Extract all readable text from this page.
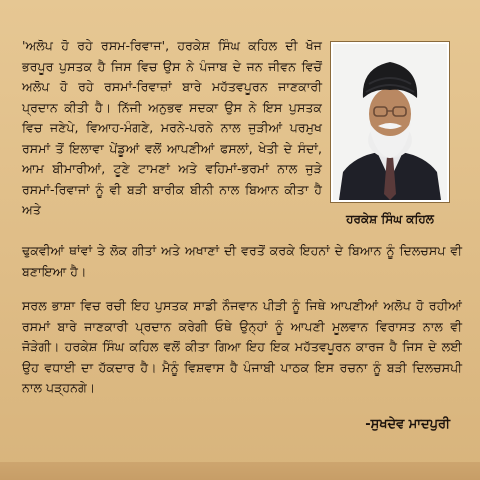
'ਅਲੋਪ ਹੋ ਰਹੇ ਰਸਮ-ਰਿਵਾਜ', ਹਰਕੇਸ਼ ਸਿੰਘ ਕਹਿਲ ਦੀ ਖੋਜ ਭਰਪੂਰ ਪੁਸਤਕ ਹੈ ਜਿਸ ਵਿਚ ਉਸ ਨੇ ਪੰਜਾਬ ਦੇ ਜਨ ਜੀਵਨ ਵਿਚੋਂ ਅਲੋਪ ਹੋ ਰਹੇ ਰਸਮਾਂ-ਰਿਵਾਜ਼ਾਂ ਬਾਰੇ ਮਹੱਤਵਪੂਰਨ ਜਾਣਕਾਰੀ ਪ੍ਰਦਾਨ ਕੀਤੀ ਹੈ। ਨਿੱਜੀ ਅਨੁਭਵ ਸਦਕਾ ਉਸ ਨੇ ਇਸ ਪੁਸਤਕ ਵਿਚ ਜਣੇਪੇ, ਵਿਆਹ-ਮੰਗਣੇ, ਮਰਨੇ-ਪਰਨੇ ਨਾਲ ਜੁੜੀਆਂ ਪਰਮੁਖ ਰਸਮਾਂ ਤੋਂ ਇਲਾਵਾ ਪੇਂਡੂਆਂ ਵਲੋਂ ਆਪਣੀਆਂ ਫਸਲਾਂ, ਖੇਤੀ ਦੇ ਸੰਦਾਂ, ਆਮ ਬੀਮਾਰੀਆਂ, ਟੂਣੇ ਟਾਮਣਾਂ ਅਤੇ ਵਹਿਮਾਂ-ਭਰਮਾਂ ਨਾਲ ਜੁੜੇ ਰਸਮਾਂ-ਰਿਵਾਜਾਂ ਨੂੰ ਵੀ ਬੜੀ ਬਾਰੀਕ ਬੀਨੀ ਨਾਲ ਬਿਆਨ ਕੀਤਾ ਹੈ ਅਤੇ

ਢੁਕਵੀਆਂ ਥਾਂਵਾਂ ਤੇ ਲੋਕ ਗੀਤਾਂ ਅਤੇ ਅਖਾਣਾਂ ਦੀ ਵਰਤੋਂ ਕਰਕੇ ਇਹਨਾਂ ਦੇ ਬਿਆਨ ਨੂੰ ਦਿਲਚਸਪ ਵੀ ਬਣਾਇਆ ਹੈ।

ਸਰਲ ਭਾਸ਼ਾ ਵਿਚ ਰਚੀ ਇਹ ਪੁਸਤਕ ਸਾਡੀ ਨੌਜਵਾਨ ਪੀੜੀ ਨੂੰ ਜਿਥੇ ਆਪਣੀਆਂ ਅਲੋਪ ਹੋ ਰਹੀਆਂ ਰਸਮਾਂ ਬਾਰੇ ਜਾਣਕਾਰੀ ਪ੍ਰਦਾਨ ਕਰੇਗੀ ਓਥੇ ਉਨ੍ਹਾਂ ਨੂੰ ਆਪਣੀ ਮੂਲਵਾਨ ਵਿਰਾਸਤ ਨਾਲ ਵੀ ਜੋੜੇਗੀ। ਹਰਕੇਸ਼ ਸਿੰਘ ਕਹਿਲ ਵਲੋਂ ਕੀਤਾ ਗਿਆ ਇਹ ਇਕ ਮਹੱਤਵਪੂਰਨ ਕਾਰਜ ਹੈ ਜਿਸ ਦੇ ਲਈ ਉਹ ਵਧਾਈ ਦਾ ਹੱਕਦਾਰ ਹੈ। ਮੈਨੂੰ ਵਿਸ਼ਵਾਸ ਹੈ ਪੰਜਾਬੀ ਪਾਠਕ ਇਸ ਰਚਨਾ ਨੂੰ ਬੜੀ ਦਿਲਚਸਪੀ ਨਾਲ ਪੜ੍ਹਨਗੇ।

ਹਰਕੇਸ਼ ਸਿੰਘ ਕਹਿਲ
-ਸੁਖਦੇਵ ਮਾਦਪੁਰੀ
